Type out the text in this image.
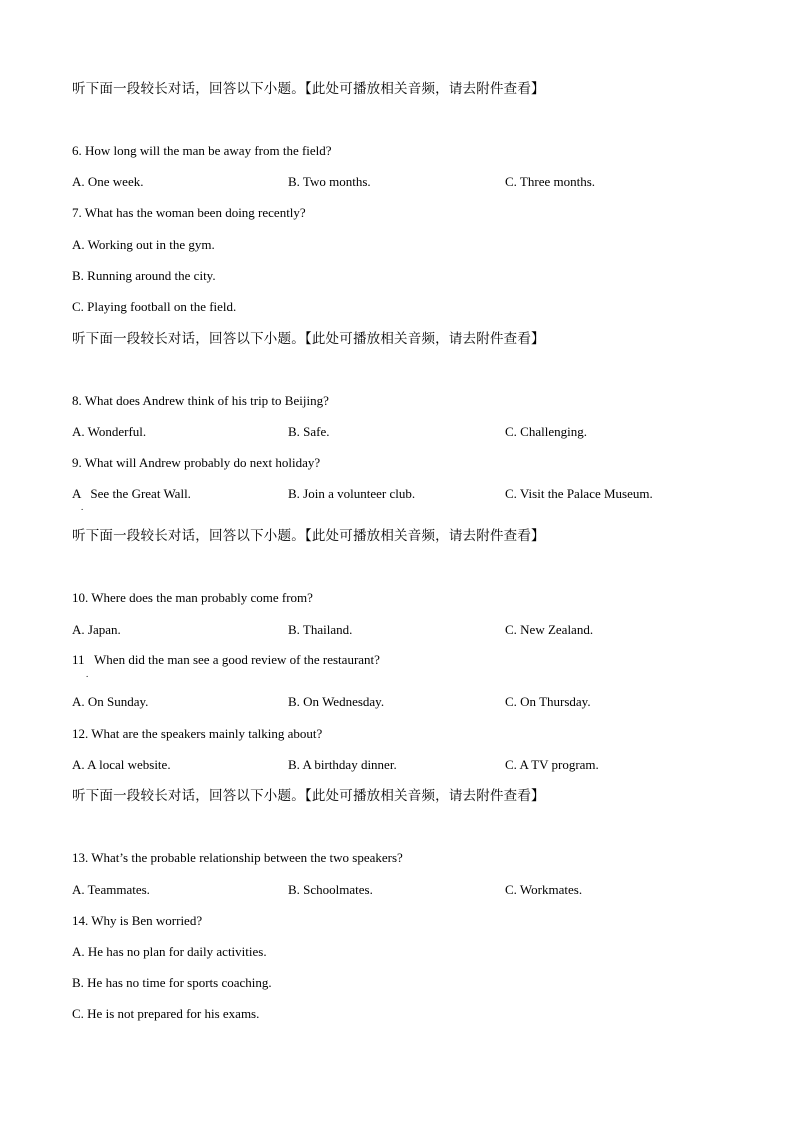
听下面一段较长对话，回答以下小题。【此处可播放相关音频，请去附件查看】
6. How long will the man be away from the field?
A. One week.	B. Two months.	C. Three months.
7. What has the woman been doing recently?
A. Working out in the gym.
B. Running around the city.
C. Playing football on the field.
听下面一段较长对话，回答以下小题。【此处可播放相关音频，请去附件查看】
8. What does Andrew think of his trip to Beijing?
A. Wonderful.	B. Safe.	C. Challenging.
9. What will Andrew probably do next holiday?
A   See the Great Wall.	B. Join a volunteer club.	C. Visit the Palace Museum.
.
听下面一段较长对话，回答以下小题。【此处可播放相关音频，请去附件查看】
10. Where does the man probably come from?
A. Japan.	B. Thailand.	C. New Zealand.
11   When did the man see a good review of the restaurant?
.
A. On Sunday.	B. On Wednesday.	C. On Thursday.
12. What are the speakers mainly talking about?
A. A local website.	B. A birthday dinner.	C. A TV program.
听下面一段较长对话，回答以下小题。【此处可播放相关音频，请去附件查看】
13. What’s the probable relationship between the two speakers?
A. Teammates.	B. Schoolmates.	C. Workmates.
14. Why is Ben worried?
A. He has no plan for daily activities.
B. He has no time for sports coaching.
C. He is not prepared for his exams.
